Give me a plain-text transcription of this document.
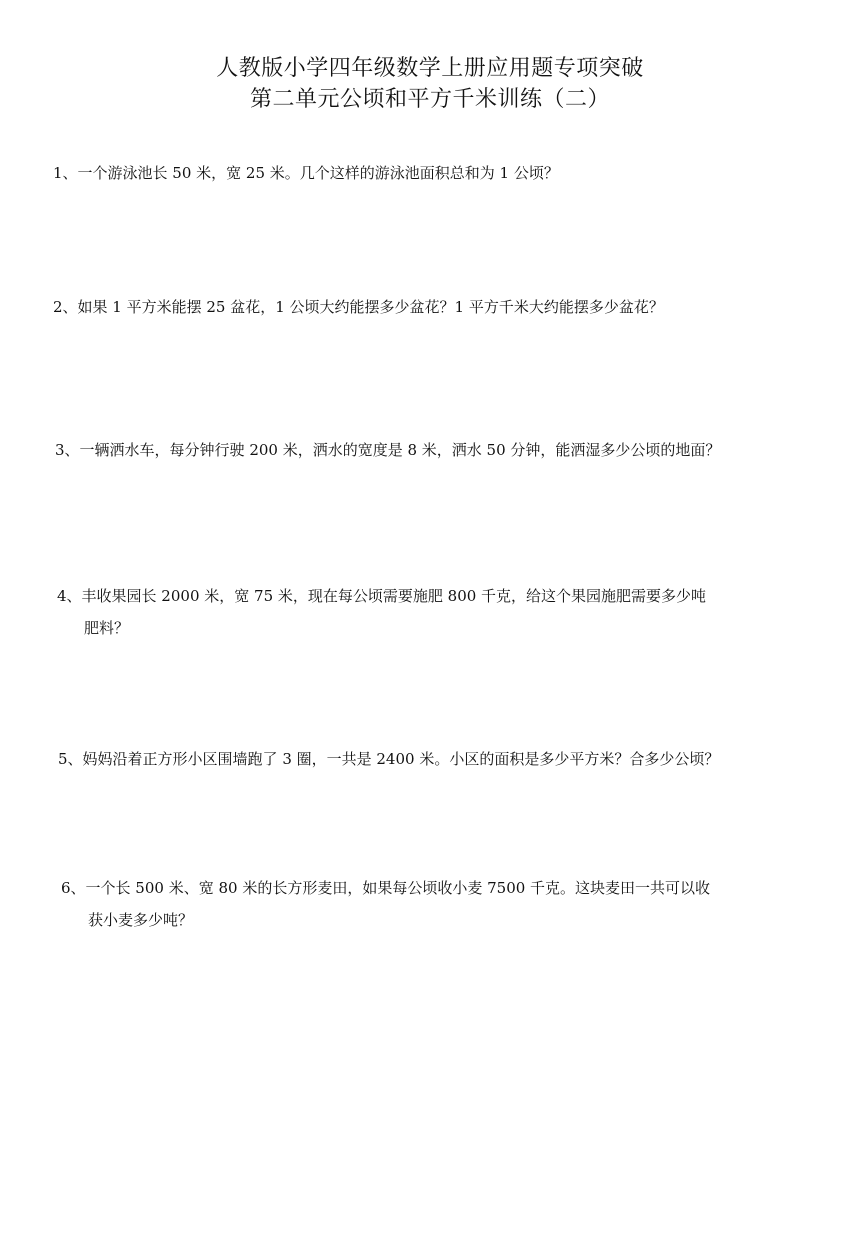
人教版小学四年级数学上册应用题专项突破
第二单元公顷和平方千米训练（二）
1、一个游泳池长 50 米，宽 25 米。几个这样的游泳池面积总和为 1 公顷？
2、如果 1 平方米能摆 25 盆花，1 公顷大约能摆多少盆花？1 平方千米大约能摆多少盆花？
3、一辆洒水车，每分钟行驶 200 米，洒水的宽度是 8 米，洒水 50 分钟，能洒湿多少公顷的地面？
4、丰收果园长 2000 米，宽 75 米，现在每公顷需要施肥 800 千克，给这个果园施肥需要多少吨
肥料？
5、妈妈沿着正方形小区围墙跑了 3 圈，一共是 2400 米。小区的面积是多少平方米？合多少公顷？
6、一个长 500 米、宽 80 米的长方形麦田，如果每公顷收小麦 7500 千克。这块麦田一共可以收
获小麦多少吨？
